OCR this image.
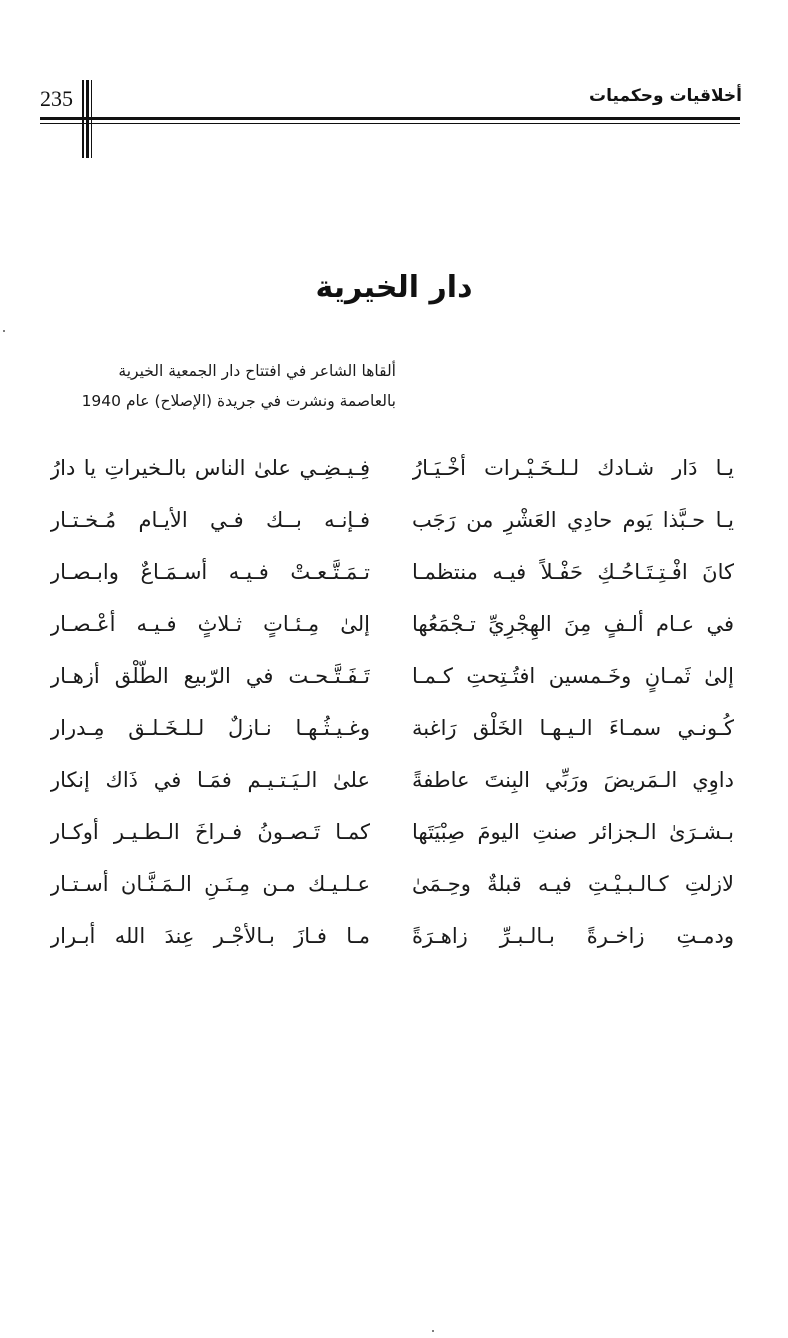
235	أخلاقيات وحكميات
دار الخيرية
ألقاها الشاعر في افتتاح دار الجمعية الخيرية
بالعاصمة ونشرت في جريدة (الإصلاح) عام 1940
يـا دَار شـادك لـلـخَـيْـرات أخْـيَـارُ
فِـيـضِـي علىٰ الناس بالـخيراتِ يا دارُ
يـا حـبَّذا يَوم حادِي العَشْرِ من رَجَب
فـإنـه بــك فـي الأيـام مُـخـتـار
كانَ افْـتِـتَـاحُـكِ حَفْـلاً فيـه منتظمـا
تـمَـتَّـعـتْ فـيـه أسـمَـاعٌ وابـصـار
في عـام ألـفٍ مِنَ الهِجْرِيِّ تـجْمَعُها
إلىٰ مِـئـاتٍ ثـلاثٍ فـيـه أعْـصـار
إلىٰ ثَمـانٍ وخَـمسين افتُـتِحتِ كـمـا
تَـفَـتَّـحـت في الرّبيع الطّلْق أزهـار
كُـونـي سمـاءَ الـيـهـا الخَلْق رَاغبة
وغـيـثُـهـا نـازلٌ لـلـخَـلـق مِـدرار
داوِي الـمَريضَ ورَبِّي البِنتَ عاطفةً
علىٰ الـيَـتـيـم فمَـا في ذَاك إنكار
بـشـرَىٰ الـجزائر صنتِ اليومَ صِبْيَتَها
كمـا تَـصـونُ فـراخَ الـطـيـر أوكـار
لازلتِ كـالـبـيْـتِ فيـه قبلةٌ وحِـمَىٰ
عـلـيـك مـن مِـنَـنِ الـمَـنَّـان أسـتـار
ودمـتِ زاخـرةً بـالـبـرِّ زاهـرَةً
مـا فـازَ بـالأجْـر عِندَ الله أبـرار
